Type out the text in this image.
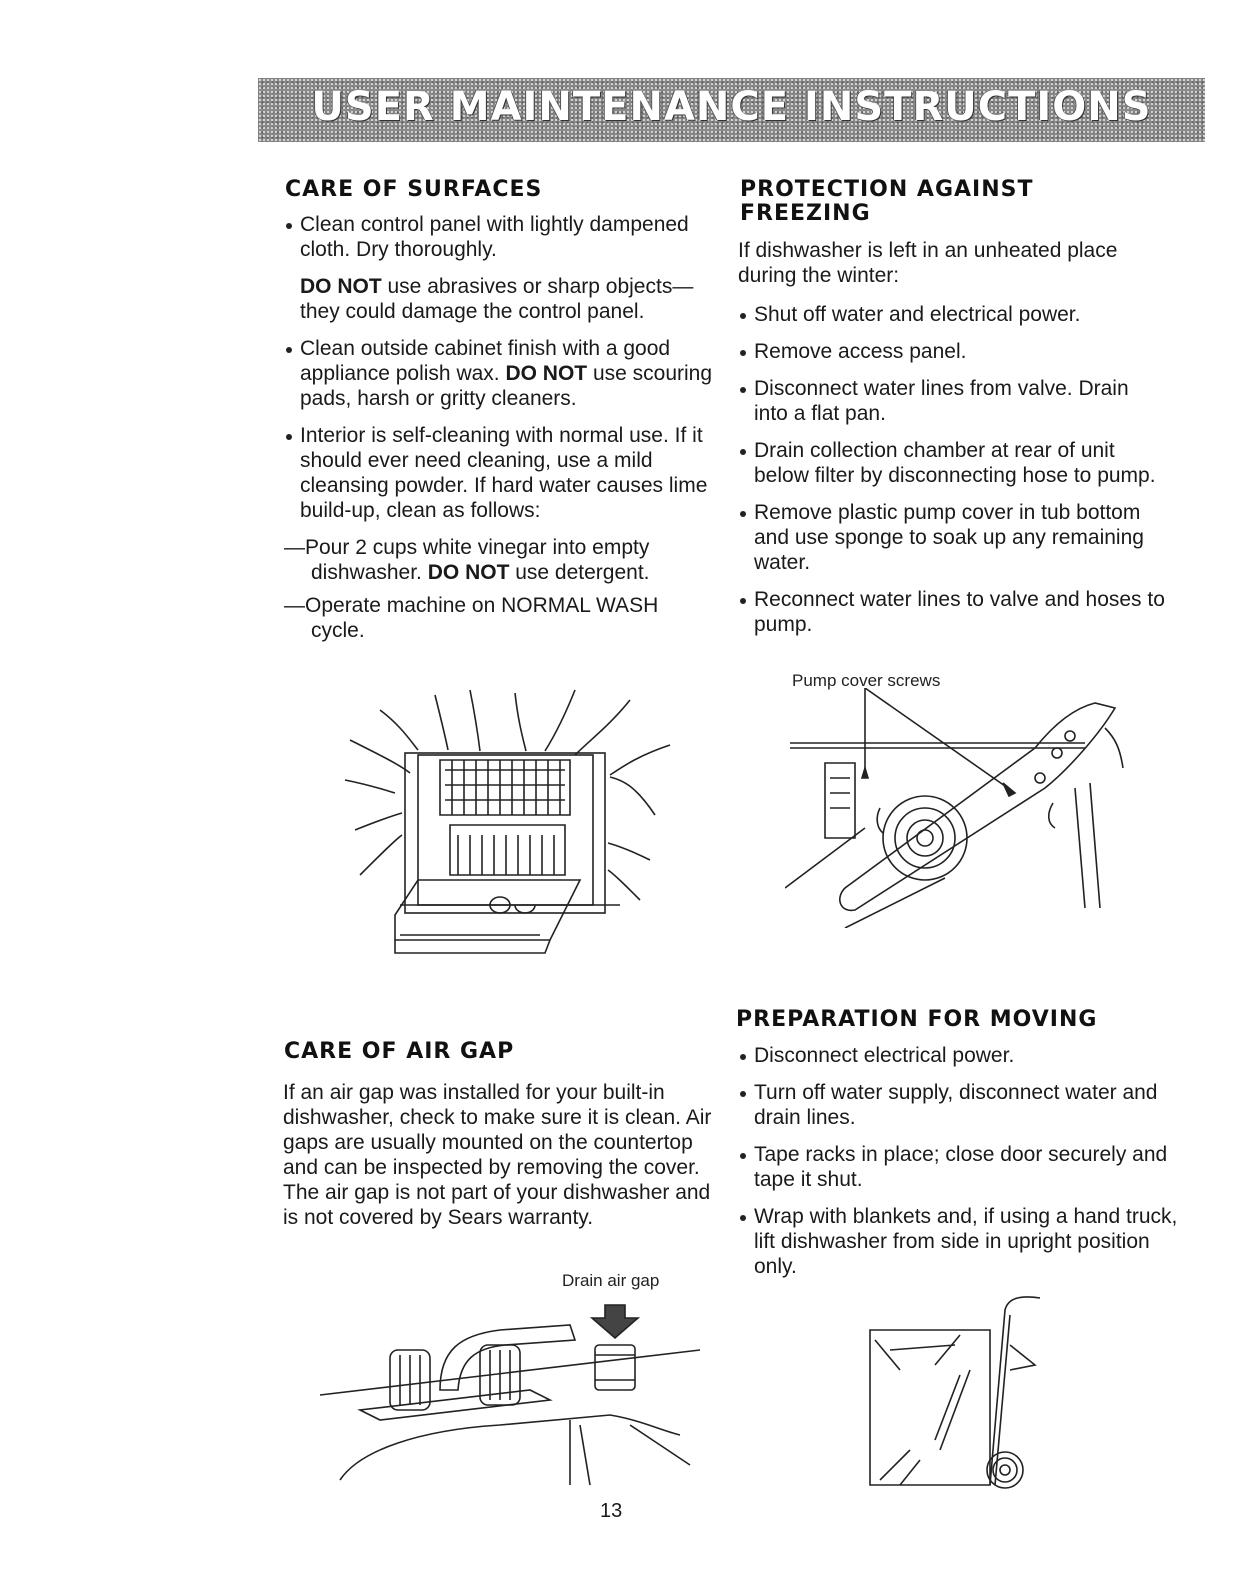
USER MAINTENANCE INSTRUCTIONS
CARE OF SURFACES

Clean control panel with lightly dampened cloth. Dry thoroughly.

DO NOT use abrasives or sharp objects—they could damage the control panel.

Clean outside cabinet finish with a good appliance polish wax. DO NOT use scouring pads, harsh or gritty cleaners.

Interior is self-cleaning with normal use. If it should ever need cleaning, use a mild cleansing powder. If hard water causes lime build-up, clean as follows:

—Pour 2 cups white vinegar into empty dishwasher. DO NOT use detergent.

—Operate machine on NORMAL WASH cycle.

PROTECTION AGAINST
FREEZING

If dishwasher is left in an unheated place during the winter:

Shut off water and electrical power.

Remove access panel.

Disconnect water lines from valve. Drain into a flat pan.

Drain collection chamber at rear of unit below filter by disconnecting hose to pump.

Remove plastic pump cover in tub bottom and use sponge to soak up any remaining water.

Reconnect water lines to valve and hoses to pump.

Pump cover screws
CARE OF AIR GAP

If an air gap was installed for your built-in dishwasher, check to make sure it is clean. Air gaps are usually mounted on the countertop and can be inspected by removing the cover. The air gap is not part of your dishwasher and is not covered by Sears warranty.

Drain air gap
PREPARATION FOR MOVING

Disconnect electrical power.

Turn off water supply, disconnect water and drain lines.

Tape racks in place; close door securely and tape it shut.

Wrap with blankets and, if using a hand truck, lift dishwasher from side in upright position only.

13
